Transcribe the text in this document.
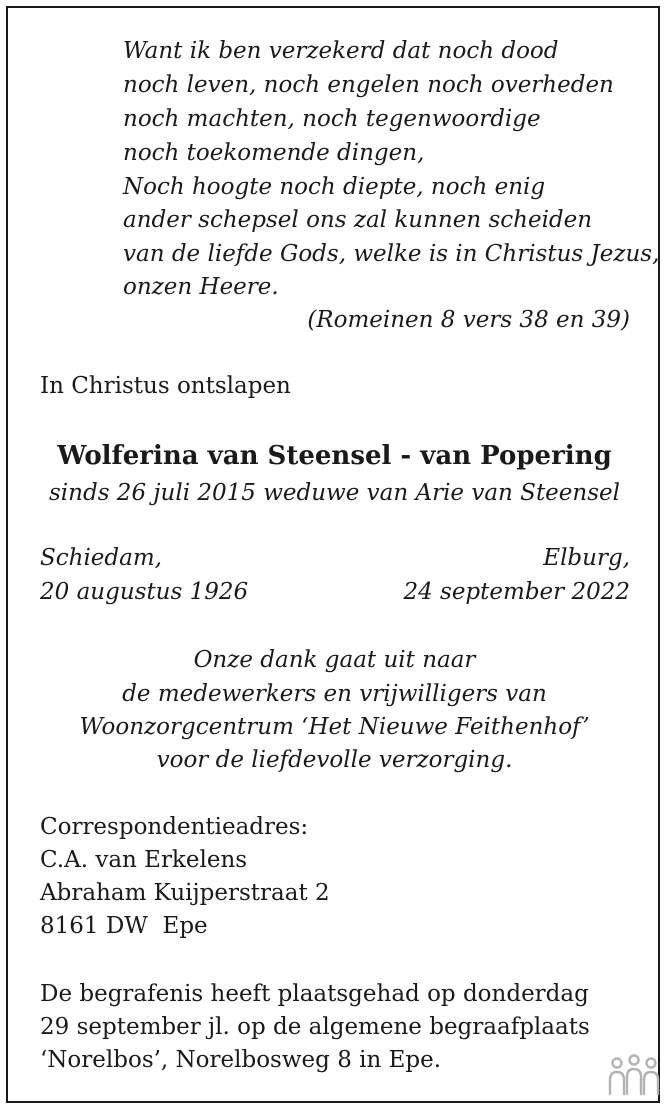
Want ik ben verzekerd dat noch dood
noch leven, noch engelen noch overheden
noch machten, noch tegenwoordige
noch toekomende dingen,
Noch hoogte noch diepte, noch enig
ander schepsel ons zal kunnen scheiden
van de liefde Gods, welke is in Christus Jezus,
onzen Heere.
(Romeinen 8 vers 38 en 39)
In Christus ontslapen
Wolferina van Steensel - van Popering
sinds 26 juli 2015 weduwe van Arie van Steensel
Schiedam,
20 augustus 1926
Elburg,
24 september 2022
Onze dank gaat uit naar
de medewerkers en vrijwilligers van
Woonzorgcentrum ‘Het Nieuwe Feithenhof’
voor de liefdevolle verzorging.
Correspondentieadres:
C.A. van Erkelens
Abraham Kuijperstraat 2
8161 DW  Epe
De begrafenis heeft plaatsgehad op donderdag
29 september jl. op de algemene begraafplaats
‘Norelbos’, Norelbosweg 8 in Epe.
